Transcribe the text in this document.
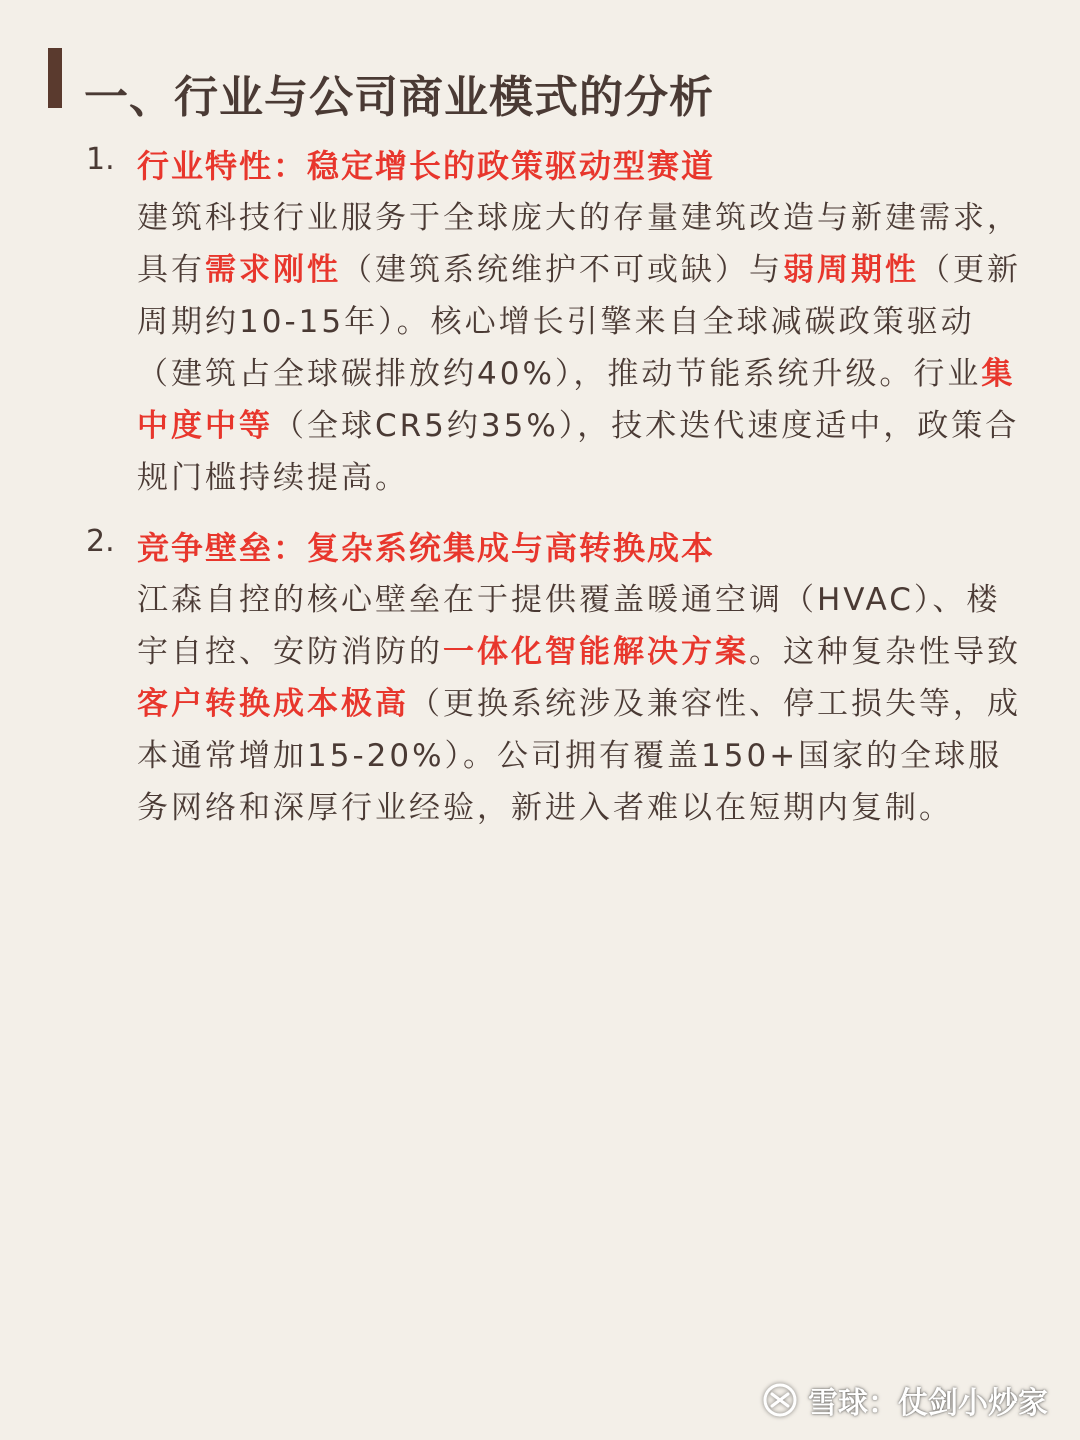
一、行业与公司商业模式的分析
1. 行业特性：稳定增长的政策驱动型赛道

建筑科技行业服务于全球庞大的存量建筑改造与新建需求，具有需求刚性（建筑系统维护不可或缺）与弱周期性（更新周期约10-15年）。核心增长引擎来自全球减碳政策驱动（建筑占全球碳排放约40%），推动节能系统升级。行业集中度中等（全球CR5约35%），技术迭代速度适中，政策合规门槛持续提高。

2. 竞争壁垒：复杂系统集成与高转换成本

江森自控的核心壁垒在于提供覆盖暖通空调（HVAC）、楼宇自控、安防消防的一体化智能解决方案。这种复杂性导致客户转换成本极高（更换系统涉及兼容性、停工损失等，成本通常增加15-20%）。公司拥有覆盖150+国家的全球服务网络和深厚行业经验，新进入者难以在短期内复制。

雪球：仗剑小炒家
